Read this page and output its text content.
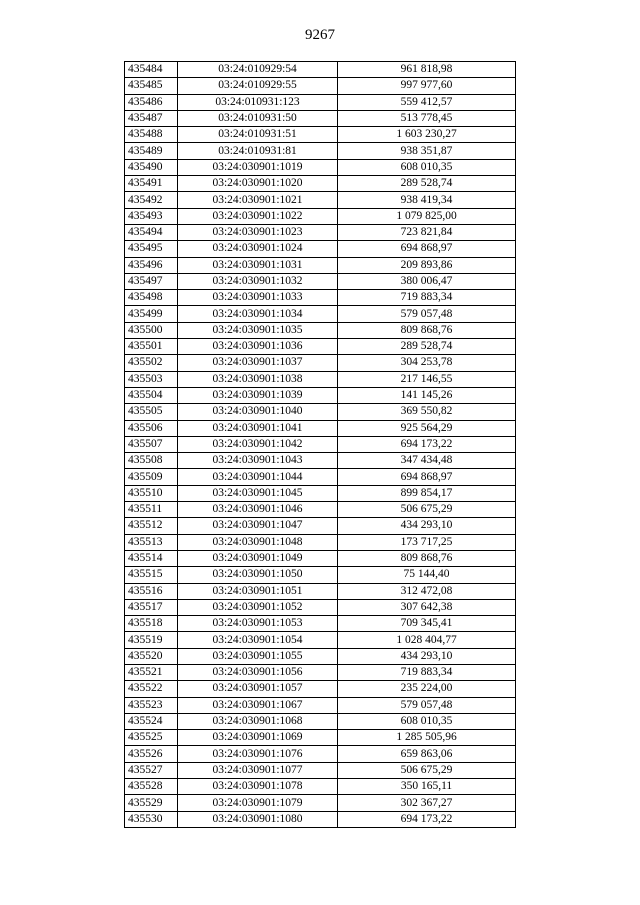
9267
435484	03:24:010929:54	961 818,98
435485	03:24:010929:55	997 977,60
435486	03:24:010931:123	559 412,57
435487	03:24:010931:50	513 778,45
435488	03:24:010931:51	1 603 230,27
435489	03:24:010931:81	938 351,87
435490	03:24:030901:1019	608 010,35
435491	03:24:030901:1020	289 528,74
435492	03:24:030901:1021	938 419,34
435493	03:24:030901:1022	1 079 825,00
435494	03:24:030901:1023	723 821,84
435495	03:24:030901:1024	694 868,97
435496	03:24:030901:1031	209 893,86
435497	03:24:030901:1032	380 006,47
435498	03:24:030901:1033	719 883,34
435499	03:24:030901:1034	579 057,48
435500	03:24:030901:1035	809 868,76
435501	03:24:030901:1036	289 528,74
435502	03:24:030901:1037	304 253,78
435503	03:24:030901:1038	217 146,55
435504	03:24:030901:1039	141 145,26
435505	03:24:030901:1040	369 550,82
435506	03:24:030901:1041	925 564,29
435507	03:24:030901:1042	694 173,22
435508	03:24:030901:1043	347 434,48
435509	03:24:030901:1044	694 868,97
435510	03:24:030901:1045	899 854,17
435511	03:24:030901:1046	506 675,29
435512	03:24:030901:1047	434 293,10
435513	03:24:030901:1048	173 717,25
435514	03:24:030901:1049	809 868,76
435515	03:24:030901:1050	75 144,40
435516	03:24:030901:1051	312 472,08
435517	03:24:030901:1052	307 642,38
435518	03:24:030901:1053	709 345,41
435519	03:24:030901:1054	1 028 404,77
435520	03:24:030901:1055	434 293,10
435521	03:24:030901:1056	719 883,34
435522	03:24:030901:1057	235 224,00
435523	03:24:030901:1067	579 057,48
435524	03:24:030901:1068	608 010,35
435525	03:24:030901:1069	1 285 505,96
435526	03:24:030901:1076	659 863,06
435527	03:24:030901:1077	506 675,29
435528	03:24:030901:1078	350 165,11
435529	03:24:030901:1079	302 367,27
435530	03:24:030901:1080	694 173,22
